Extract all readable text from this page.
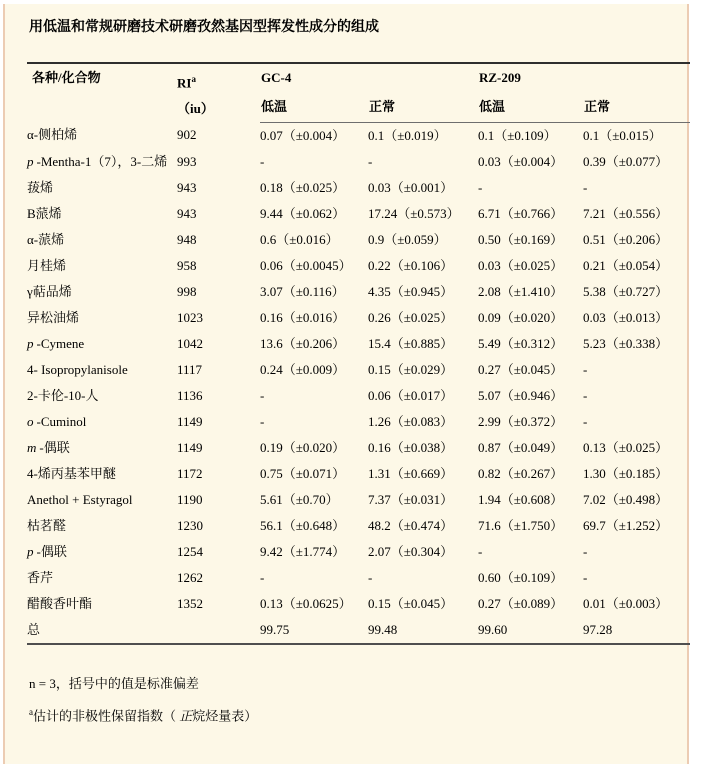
用低温和常规研磨技术研磨孜然基因型挥发性成分的组成
各种/化合物	$RI^a$
（iu）	GC-4		RZ-209	
		低温	正常	低温	正常
α-侧柏烯	902	0.07（±0.004）	0.1（±0.019）	0.1（±0.109）	0.1（±0.015）
p -Mentha-1（7），3-二烯	993	-	-	0.03（±0.004）	0.39（±0.077）
菝烯	943	0.18（±0.025）	0.03（±0.001）	-	-
B蒎烯	943	9.44（±0.062）	17.24（±0.573）	6.71（±0.766）	7.21（±0.556）
α-蒎烯	948	0.6（±0.016）	0.9（±0.059）	0.50（±0.169）	0.51（±0.206）
月桂烯	958	0.06（±0.0045）	0.22（±0.106）	0.03（±0.025）	0.21（±0.054）
γ萜品烯	998	3.07（±0.116）	4.35（±0.945）	2.08（±1.410）	5.38（±0.727）
异松油烯	1023	0.16（±0.016）	0.26（±0.025）	0.09（±0.020）	0.03（±0.013）
p -Cymene	1042	13.6（±0.206）	15.4（±0.885）	5.49（±0.312）	5.23（±0.338）
4- Isopropylanisole	1117	0.24（±0.009）	0.15（±0.029）	0.27（±0.045）	-
2-卡伦-10-人	1136	-	0.06（±0.017）	5.07（±0.946）	-
o -Cuminol	1149	-	1.26（±0.083）	2.99（±0.372）	-
m -偶联	1149	0.19（±0.020）	0.16（±0.038）	0.87（±0.049）	0.13（±0.025）
4-烯丙基苯甲醚	1172	0.75（±0.071）	1.31（±0.669）	0.82（±0.267）	1.30（±0.185）
Anethol + Estyragol	1190	5.61（±0.70）	7.37（±0.031）	1.94（±0.608）	7.02（±0.498）
枯茗醛	1230	56.1（±0.648）	48.2（±0.474）	71.6（±1.750）	69.7（±1.252）
p -偶联	1254	9.42（±1.774）	2.07（±0.304）	-	-
香芹	1262	-	-	0.60（±0.109）	-
醋酸香叶酯	1352	0.13（±0.0625）	0.15（±0.045）	0.27（±0.089）	0.01（±0.003）
总		99.75	99.48	99.60	97.28

n = 3，括号中的值是标准偏差

$^a$估计的非极性保留指数（ 正烷烃量表）
